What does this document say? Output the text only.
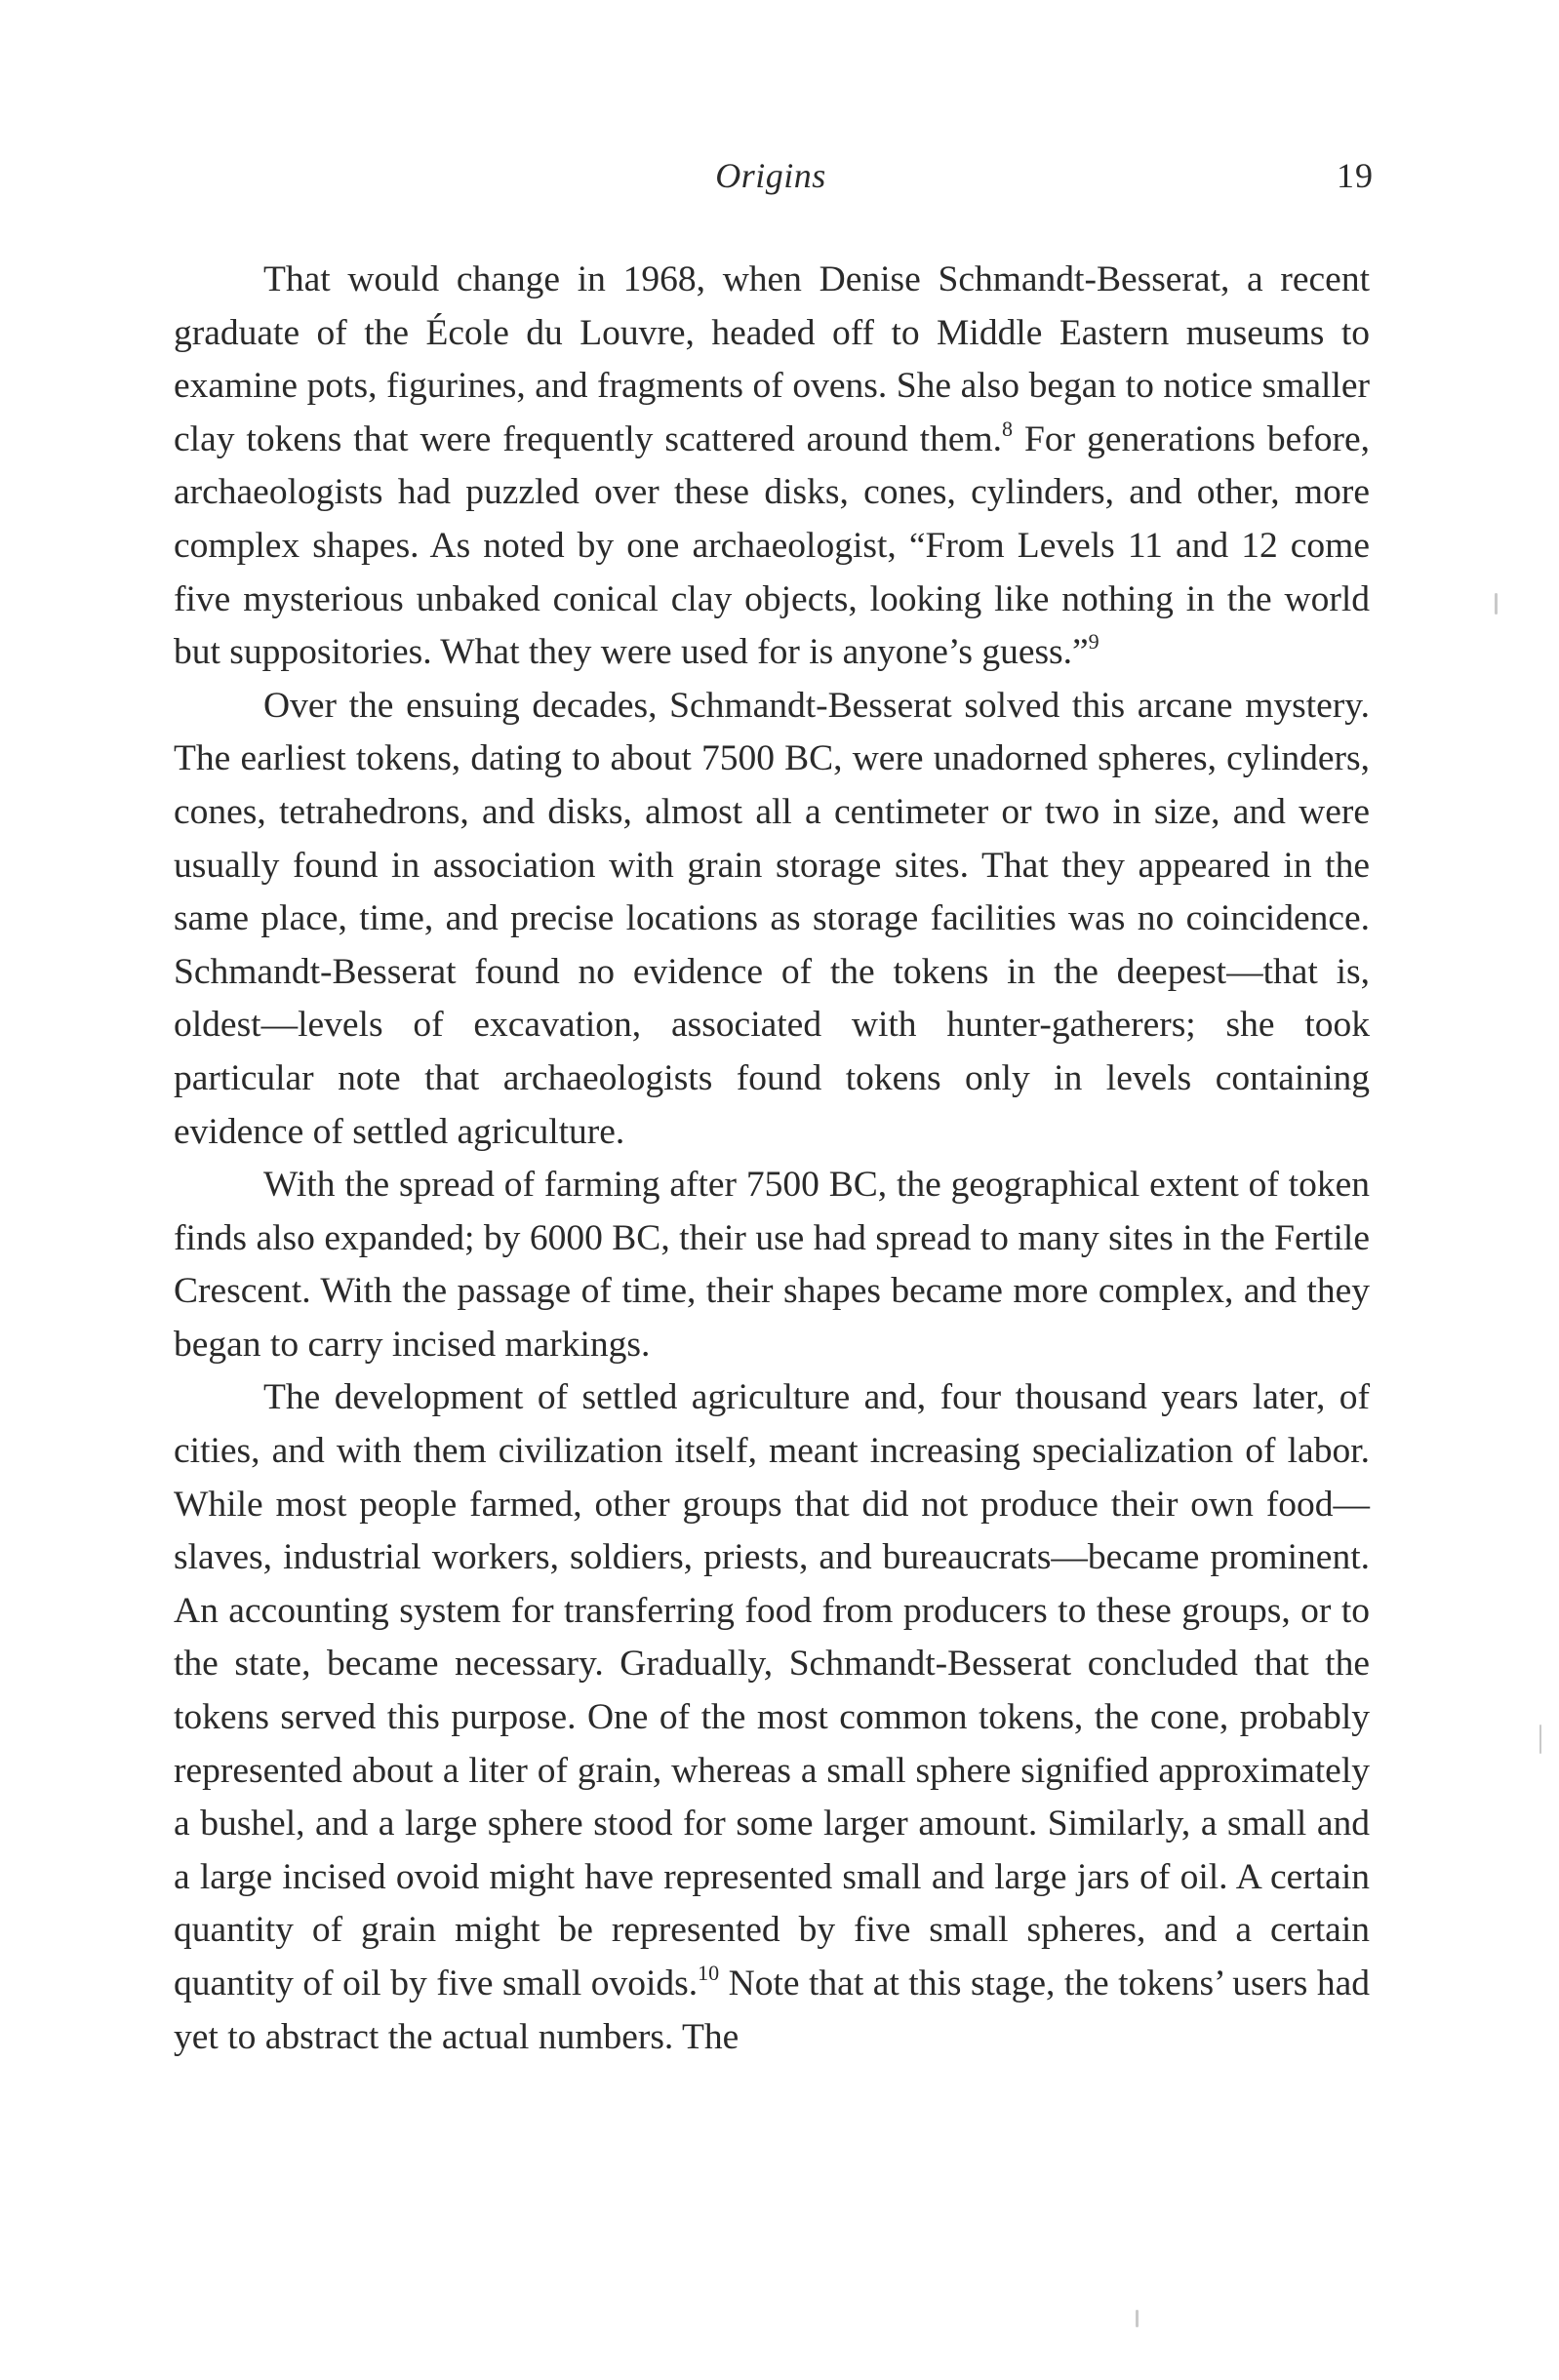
Origins	19

That would change in 1968, when Denise Schmandt-Besserat, a recent graduate of the École du Louvre, headed off to Middle Eastern museums to examine pots, figurines, and fragments of ovens. She also began to notice smaller clay tokens that were frequently scattered around them.$^8$ For generations before, archaeologists had puzzled over these disks, cones, cylinders, and other, more complex shapes. As noted by one archaeologist, “From Levels 11 and 12 come five mysterious unbaked conical clay objects, looking like nothing in the world but suppositories. What they were used for is anyone’s guess.”$^9$

Over the ensuing decades, Schmandt-Besserat solved this arcane mystery. The earliest tokens, dating to about 7500 BC, were unadorned spheres, cylinders, cones, tetrahedrons, and disks, almost all a centimeter or two in size, and were usually found in association with grain storage sites. That they appeared in the same place, time, and precise locations as storage facilities was no coincidence. Schmandt-Besserat found no evidence of the tokens in the deepest—that is, oldest—levels of excavation, associated with hunter-gatherers; she took particular note that archaeologists found tokens only in levels containing evidence of settled agriculture.

With the spread of farming after 7500 BC, the geographical extent of token finds also expanded; by 6000 BC, their use had spread to many sites in the Fertile Crescent. With the passage of time, their shapes became more complex, and they began to carry incised markings.

The development of settled agriculture and, four thousand years later, of cities, and with them civilization itself, meant increasing specialization of labor. While most people farmed, other groups that did not produce their own food—slaves, industrial workers, soldiers, priests, and bureaucrats—became prominent. An accounting system for transferring food from producers to these groups, or to the state, became necessary. Gradually, Schmandt-Besserat concluded that the tokens served this purpose. One of the most common tokens, the cone, probably represented about a liter of grain, whereas a small sphere signified approximately a bushel, and a large sphere stood for some larger amount. Similarly, a small and a large incised ovoid might have represented small and large jars of oil. A certain quantity of grain might be represented by five small spheres, and a certain quantity of oil by five small ovoids.$^{10}$ Note that at this stage, the tokens’ users had yet to abstract the actual numbers. The
